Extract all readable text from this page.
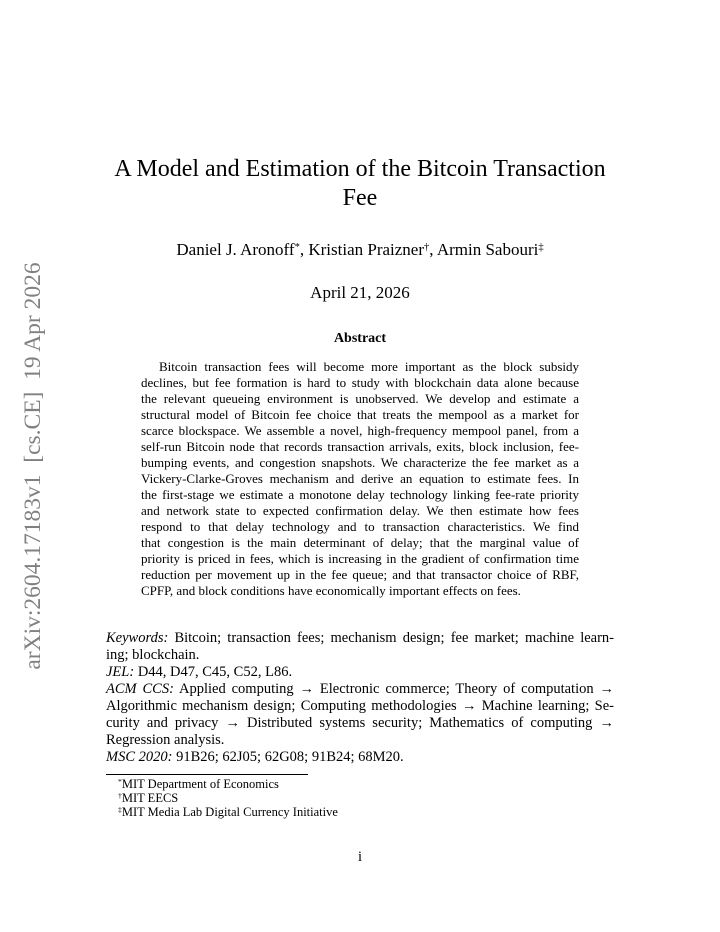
arXiv:2604.17183v1  [cs.CE]  19 Apr 2026
A Model and Estimation of the Bitcoin Transaction Fee
Daniel J. Aronoff*, Kristian Praizner†, Armin Sabouri‡
April 21, 2026
Abstract
Bitcoin transaction fees will become more important as the block subsidy
declines, but fee formation is hard to study with blockchain data alone because
the relevant queueing environment is unobserved. We develop and estimate a
structural model of Bitcoin fee choice that treats the mempool as a market for
scarce blockspace. We assemble a novel, high-frequency mempool panel, from a
self-run Bitcoin node that records transaction arrivals, exits, block inclusion, fee-
bumping events, and congestion snapshots. We characterize the fee market as a
Vickery-Clarke-Groves mechanism and derive an equation to estimate fees. In
the first-stage we estimate a monotone delay technology linking fee-rate priority
and network state to expected confirmation delay. We then estimate how fees
respond to that delay technology and to transaction characteristics. We find
that congestion is the main determinant of delay; that the marginal value of
priority is priced in fees, which is increasing in the gradient of confirmation time
reduction per movement up in the fee queue; and that transactor choice of RBF,
CPFP, and block conditions have economically important effects on fees.
Keywords: Bitcoin; transaction fees; mechanism design; fee market; machine learn-
ing; blockchain.
JEL: D44, D47, C45, C52, L86.
ACM CCS: Applied computing → Electronic commerce; Theory of computation →
Algorithmic mechanism design; Computing methodologies → Machine learning; Se-
curity and privacy → Distributed systems security; Mathematics of computing →
Regression analysis.
MSC 2020: 91B26; 62J05; 62G08; 91B24; 68M20.
*MIT Department of Economics
†MIT EECS
‡MIT Media Lab Digital Currency Initiative
i
